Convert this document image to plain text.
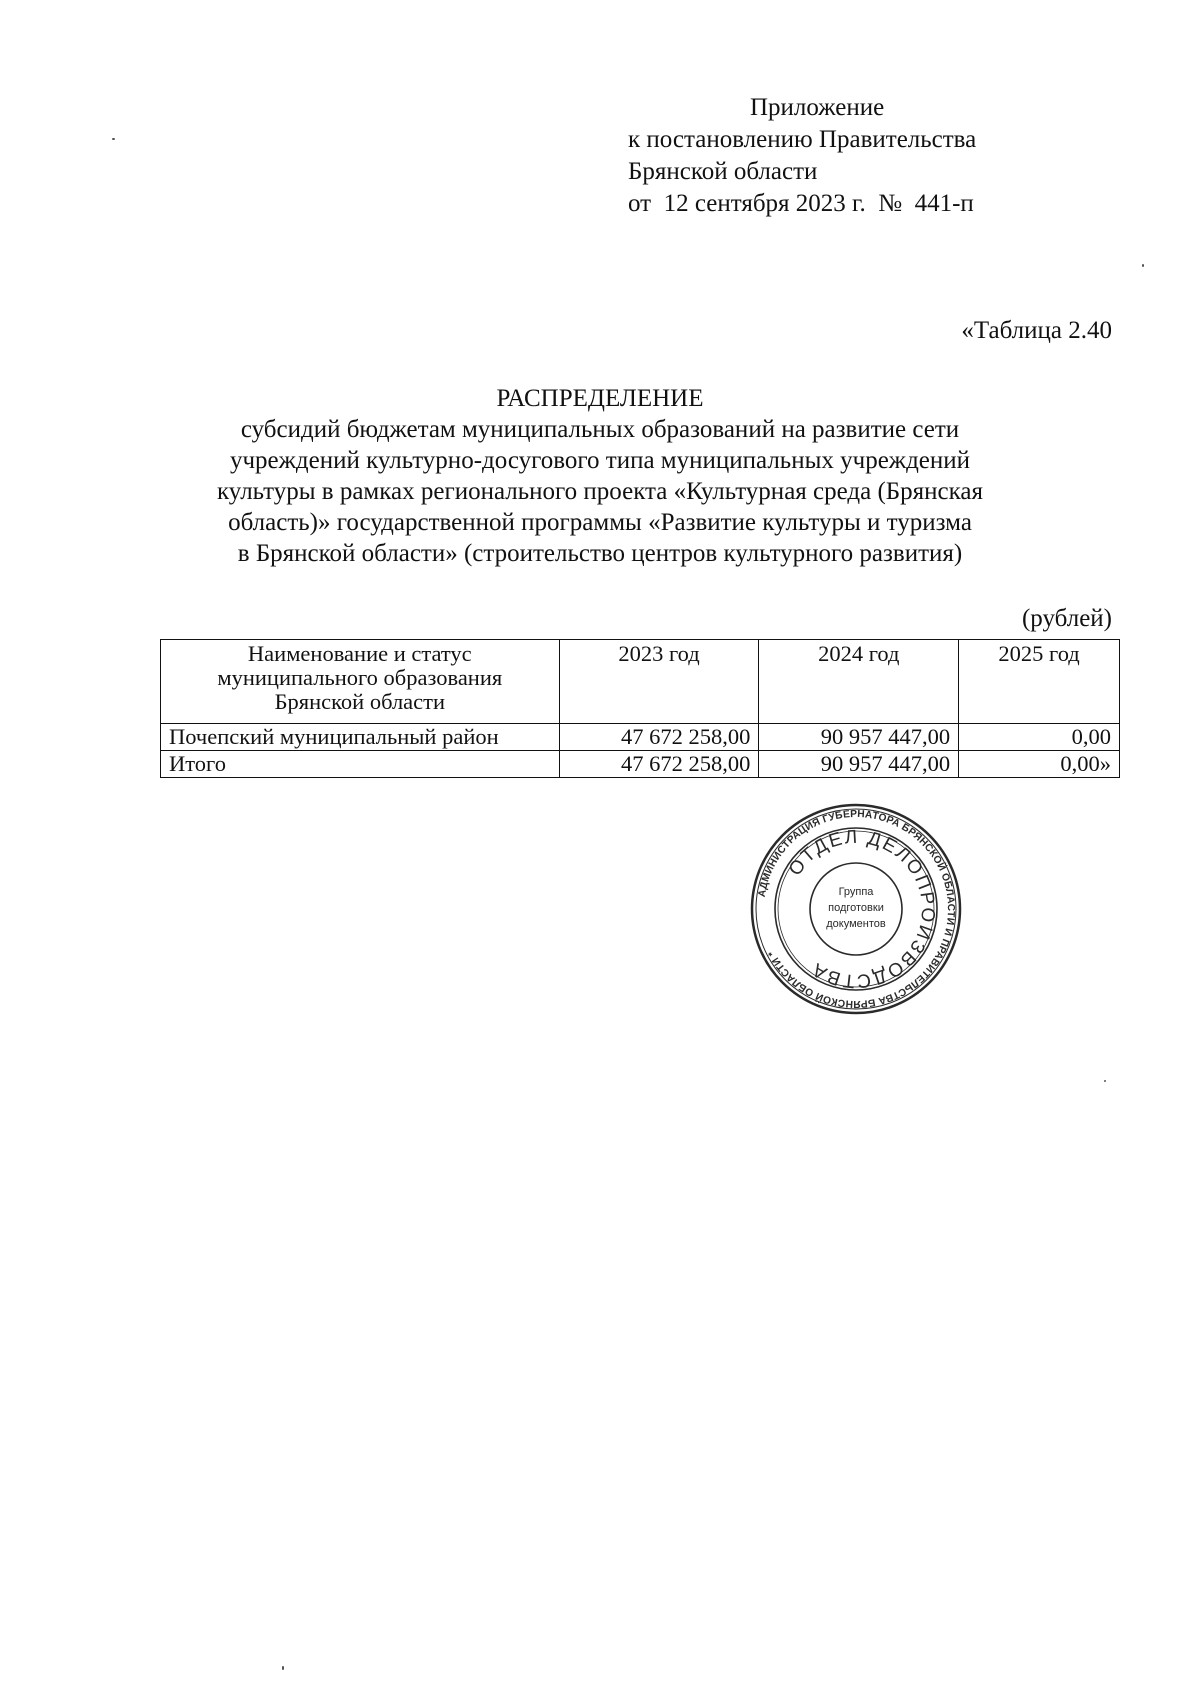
Приложение
к постановлению Правительства
Брянской области
от  12 сентября 2023 г.  №  441-п
«Таблица 2.40
РАСПРЕДЕЛЕНИЕ
субсидий бюджетам муниципальных образований на развитие сети
учреждений культурно-досугового типа муниципальных учреждений
культуры в рамках регионального проекта «Культурная среда (Брянская
область)» государственной программы «Развитие культуры и туризма
в Брянской области» (строительство центров культурного развития)
(рублей)
Наименование и статус
муниципального образования
Брянской области	2023 год	2024 год	2025 год
Почепский муниципальный район	47 672 258,00	90 957 447,00	0,00
Итого	47 672 258,00	90 957 447,00	0,00»
АДМИНИСТРАЦИЯ ГУБЕРНАТОРА БРЯНСКОЙ ОБЛАСТИ И ПРАВИТЕЛЬСТВА БРЯНСКОЙ ОБЛАСТИ *
ОТДЕЛ ДЕЛОПРОИЗВОДСТВА
Группа
подготовки
документов
